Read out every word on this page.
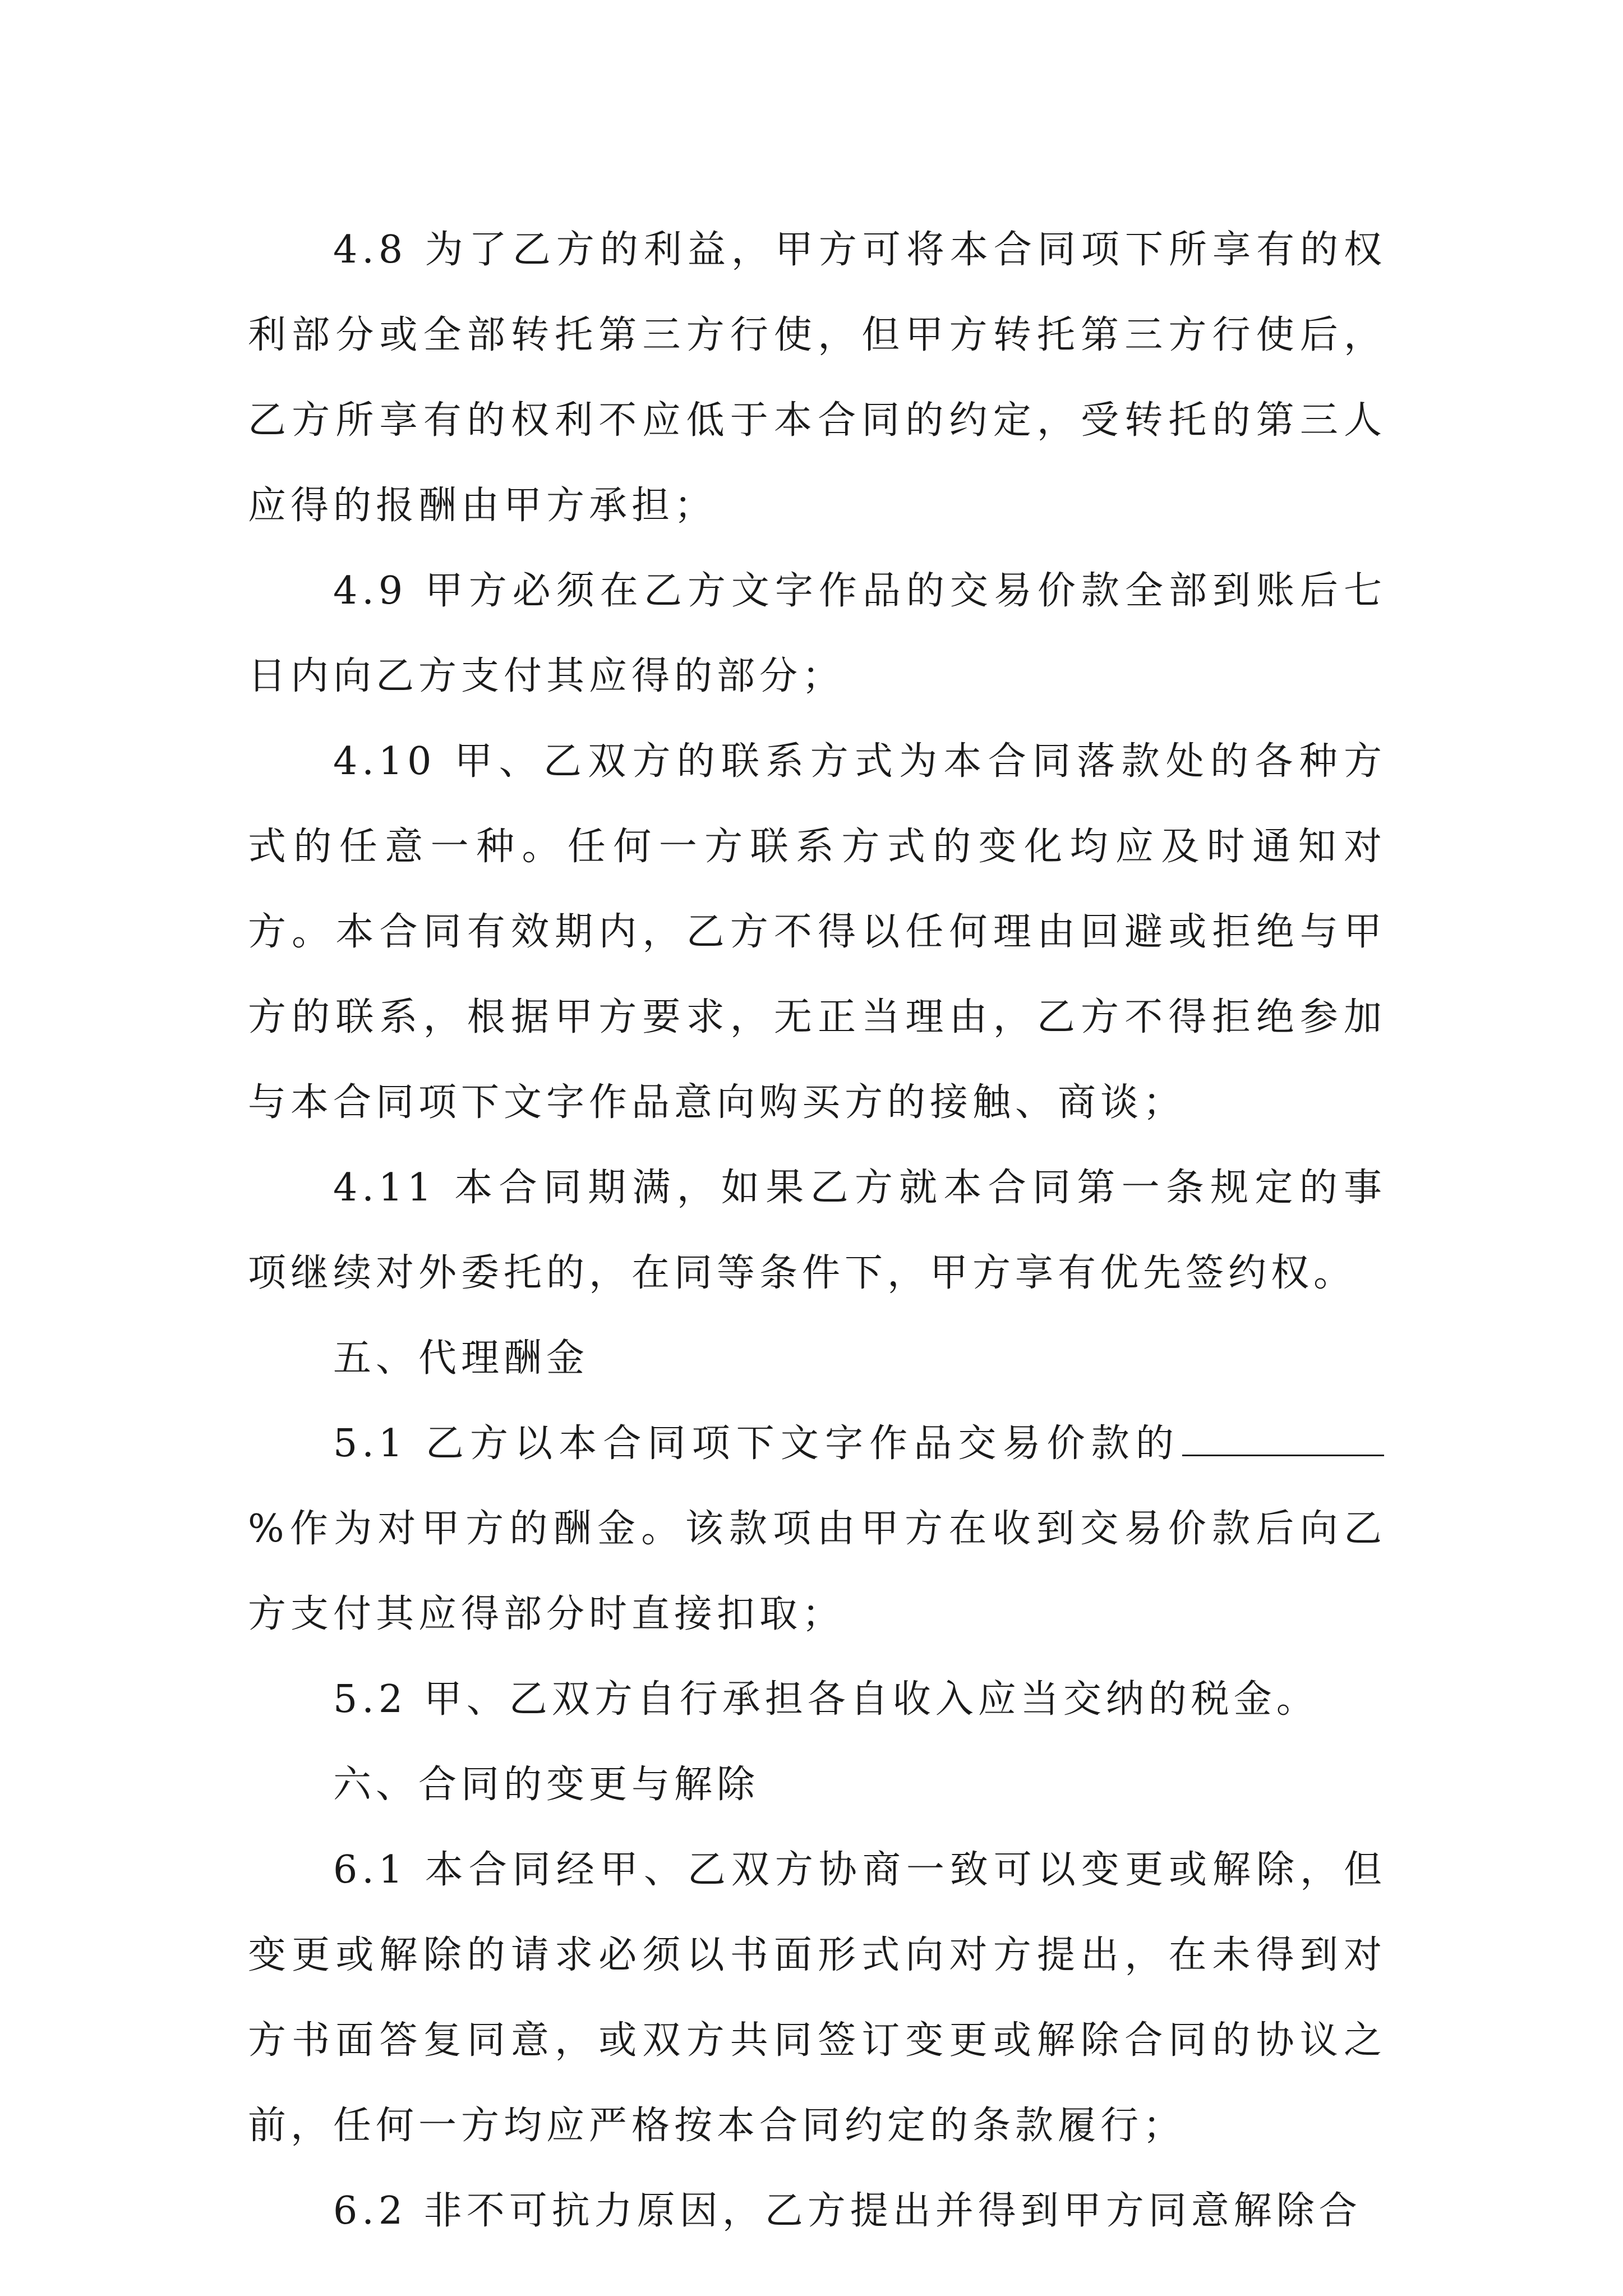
4.8 为了乙方的利益，甲方可将本合同项下所享有的权利部分或全部转托第三方行使，但甲方转托第三方行使后，乙方所享有的权利不应低于本合同的约定，受转托的第三人应得的报酬由甲方承担；

4.9 甲方必须在乙方文字作品的交易价款全部到账后七日内向乙方支付其应得的部分；

4.10 甲、乙双方的联系方式为本合同落款处的各种方式的任意一种。任何一方联系方式的变化均应及时通知对方。本合同有效期内，乙方不得以任何理由回避或拒绝与甲方的联系，根据甲方要求，无正当理由，乙方不得拒绝参加与本合同项下文字作品意向购买方的接触、商谈；

4.11 本合同期满，如果乙方就本合同第一条规定的事项继续对外委托的，在同等条件下，甲方享有优先签约权。

五、代理酬金

5.1 乙方以本合同项下文字作品交易价款的%作为对甲方的酬金。该款项由甲方在收到交易价款后向乙方支付其应得部分时直接扣取；

5.2 甲、乙双方自行承担各自收入应当交纳的税金。

六、合同的变更与解除

6.1 本合同经甲、乙双方协商一致可以变更或解除，但变更或解除的请求必须以书面形式向对方提出，在未得到对方书面答复同意，或双方共同签订变更或解除合同的协议之前，任何一方均应严格按本合同约定的条款履行；

6.2 非不可抗力原因，乙方提出并得到甲方同意解除合
